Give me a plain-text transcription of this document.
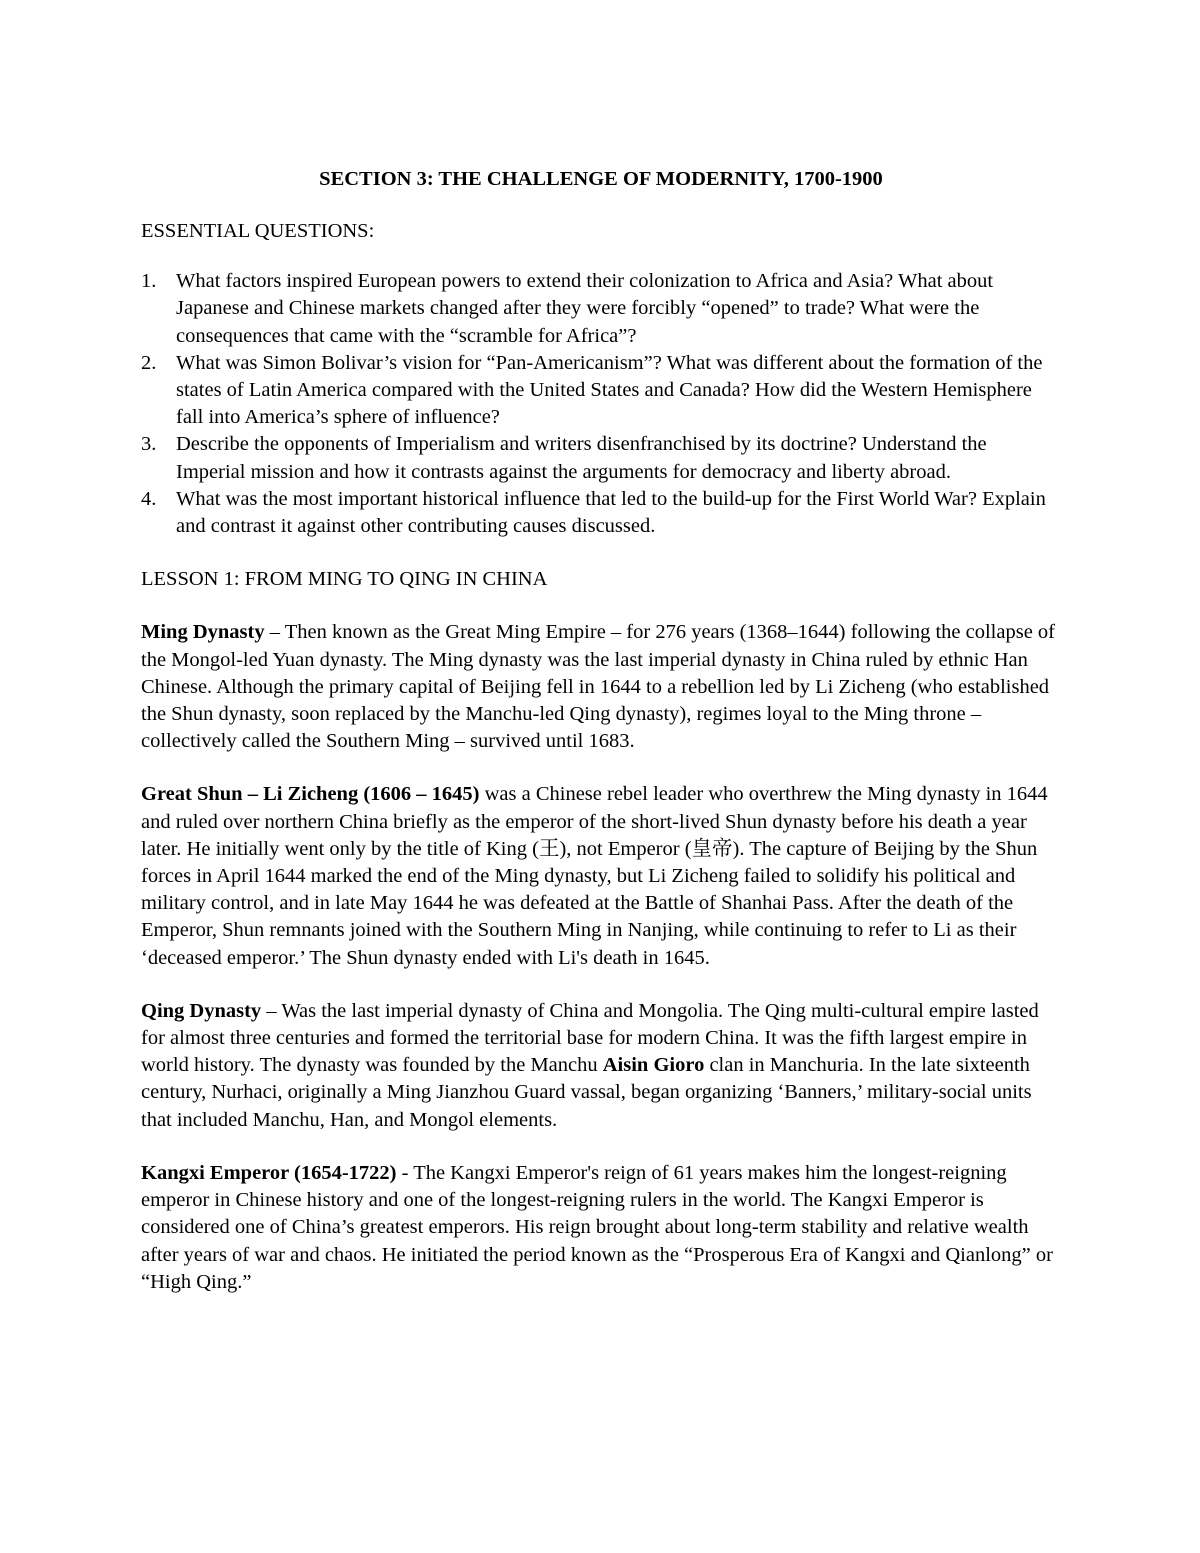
SECTION 3: THE CHALLENGE OF MODERNITY, 1700-1900
ESSENTIAL QUESTIONS:
1. What factors inspired European powers to extend their colonization to Africa and Asia? What about Japanese and Chinese markets changed after they were forcibly “opened” to trade? What were the consequences that came with the “scramble for Africa”?
2. What was Simon Bolivar’s vision for “Pan-Americanism”? What was different about the formation of the states of Latin America compared with the United States and Canada? How did the Western Hemisphere fall into America’s sphere of influence?
3. Describe the opponents of Imperialism and writers disenfranchised by its doctrine? Understand the Imperial mission and how it contrasts against the arguments for democracy and liberty abroad.
4. What was the most important historical influence that led to the build-up for the First World War? Explain and contrast it against other contributing causes discussed.
LESSON 1: FROM MING TO QING IN CHINA
Ming Dynasty – Then known as the Great Ming Empire – for 276 years (1368–1644) following the collapse of the Mongol-led Yuan dynasty. The Ming dynasty was the last imperial dynasty in China ruled by ethnic Han Chinese. Although the primary capital of Beijing fell in 1644 to a rebellion led by Li Zicheng (who established the Shun dynasty, soon replaced by the Manchu-led Qing dynasty), regimes loyal to the Ming throne – collectively called the Southern Ming – survived until 1683.
Great Shun – Li Zicheng (1606 – 1645) was a Chinese rebel leader who overthrew the Ming dynasty in 1644 and ruled over northern China briefly as the emperor of the short-lived Shun dynasty before his death a year later. He initially went only by the title of King (王), not Emperor (皇帝). The capture of Beijing by the Shun forces in April 1644 marked the end of the Ming dynasty, but Li Zicheng failed to solidify his political and military control, and in late May 1644 he was defeated at the Battle of Shanhai Pass. After the death of the Emperor, Shun remnants joined with the Southern Ming in Nanjing, while continuing to refer to Li as their ‘deceased emperor.’ The Shun dynasty ended with Li's death in 1645.
Qing Dynasty – Was the last imperial dynasty of China and Mongolia. The Qing multi-cultural empire lasted for almost three centuries and formed the territorial base for modern China. It was the fifth largest empire in world history. The dynasty was founded by the Manchu Aisin Gioro clan in Manchuria. In the late sixteenth century, Nurhaci, originally a Ming Jianzhou Guard vassal, began organizing ‘Banners,’ military-social units that included Manchu, Han, and Mongol elements.
Kangxi Emperor (1654-1722) - The Kangxi Emperor's reign of 61 years makes him the longest-reigning emperor in Chinese history and one of the longest-reigning rulers in the world. The Kangxi Emperor is considered one of China’s greatest emperors. His reign brought about long-term stability and relative wealth after years of war and chaos. He initiated the period known as the “Prosperous Era of Kangxi and Qianlong” or “High Qing.”
